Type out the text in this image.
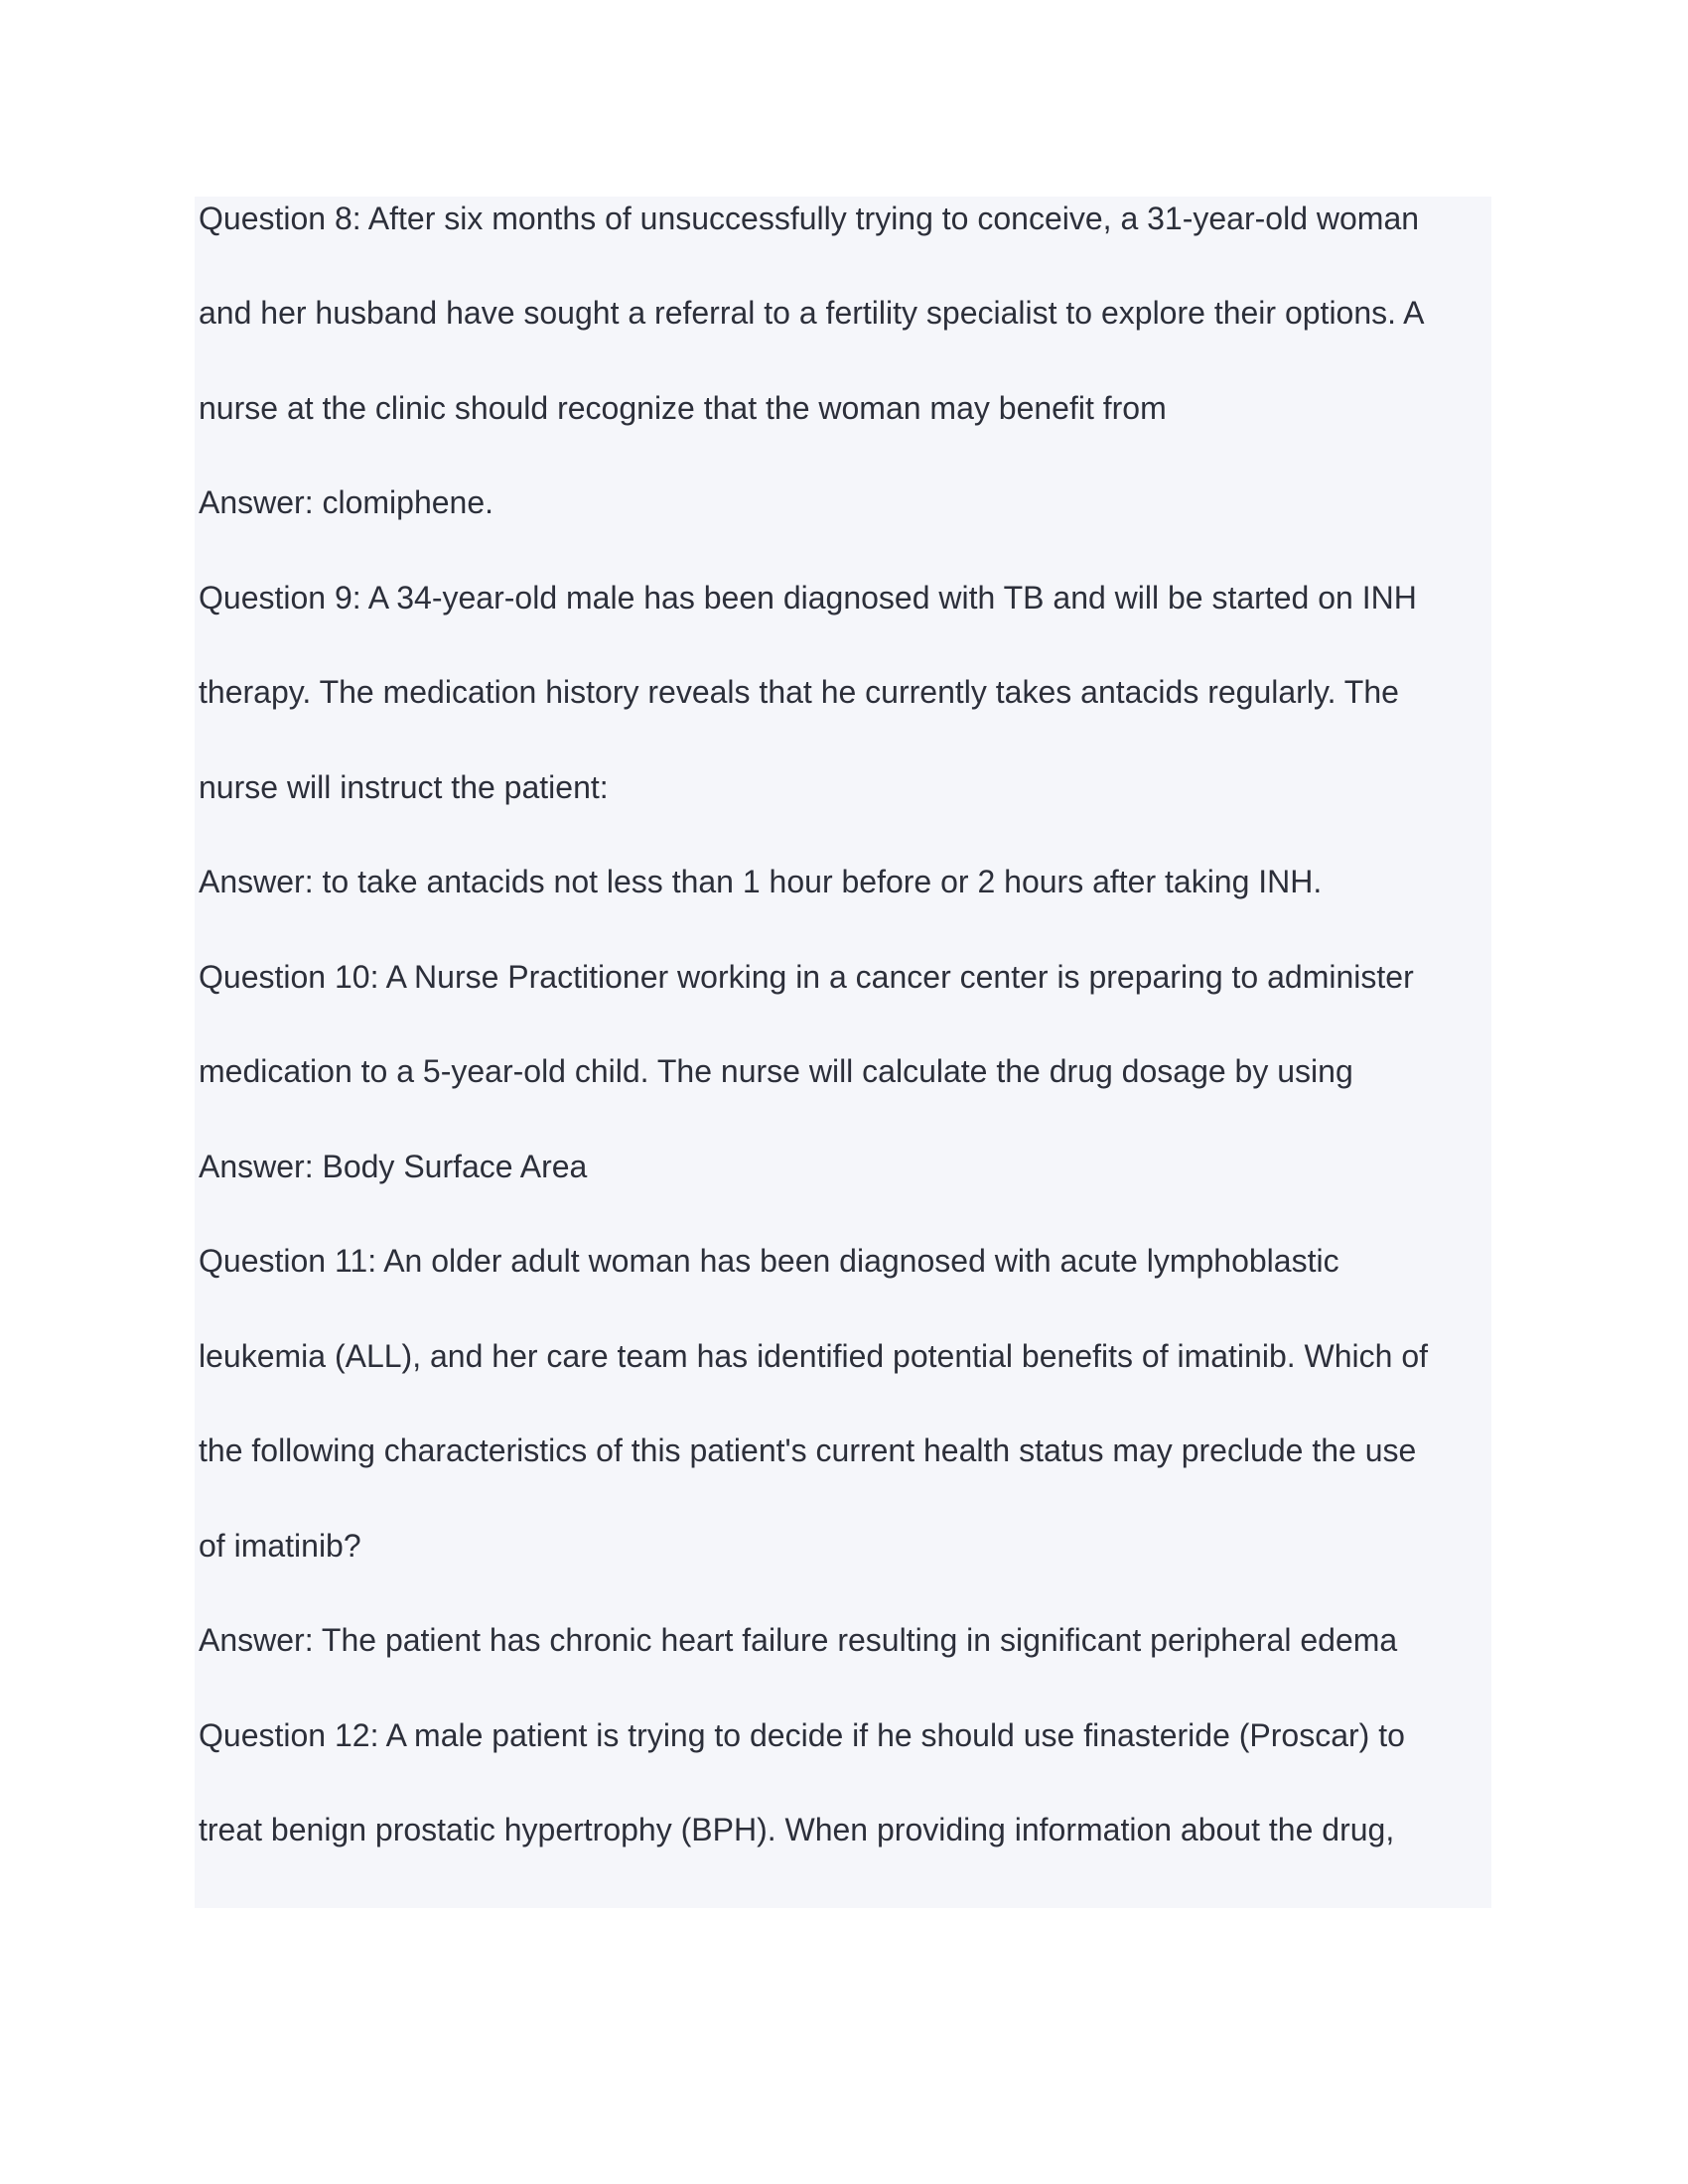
Question 8: After six months of unsuccessfully trying to conceive, a 31-year-old woman

and her husband have sought a referral to a fertility specialist to explore their options. A

nurse at the clinic should recognize that the woman may benefit from

Answer: clomiphene.

Question 9: A 34-year-old male has been diagnosed with TB and will be started on INH

therapy. The medication history reveals that he currently takes antacids regularly. The

nurse will instruct the patient:

Answer: to take antacids not less than 1 hour before or 2 hours after taking INH.

Question 10: A Nurse Practitioner working in a cancer center is preparing to administer

medication to a 5-year-old child. The nurse will calculate the drug dosage by using

Answer: Body Surface Area

Question 11: An older adult woman has been diagnosed with acute lymphoblastic

leukemia (ALL), and her care team has identified potential benefits of imatinib. Which of

the following characteristics of this patient's current health status may preclude the use

of imatinib?

Answer: The patient has chronic heart failure resulting in significant peripheral edema

Question 12: A male patient is trying to decide if he should use finasteride (Proscar) to

treat benign prostatic hypertrophy (BPH). When providing information about the drug,
